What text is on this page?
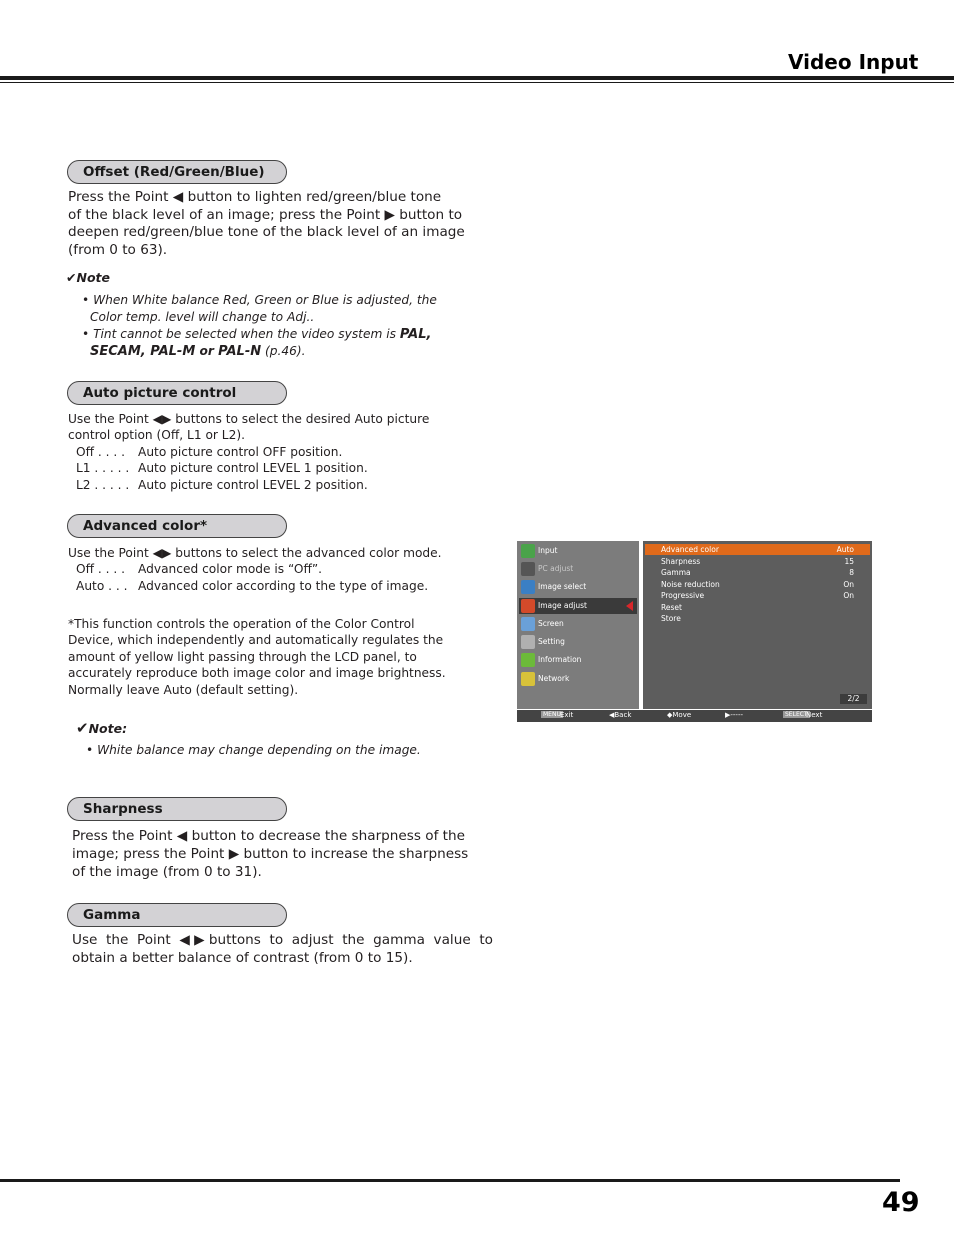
Video Input
Offset (Red/Green/Blue)
Press the Point ◀ button to lighten red/green/blue tone
of the black level of an image; press the Point ▶ button to
deepen red/green/blue tone of the black level of an image
(from 0 to 63).
✔Note
• When White balance Red, Green or Blue is adjusted, the
Color temp. level will change to Adj..
• Tint cannot be selected when the video system is PAL,
SECAM, PAL-M or PAL-N (p.46).
Auto picture control
Use the Point ◀▶ buttons to select the desired Auto picture
control option (Off, L1 or L2).
Off . . . . Auto picture control OFF position.
L1 . . . . . Auto picture control LEVEL 1 position.
L2 . . . . . Auto picture control LEVEL 2 position.
Advanced color*
Use the Point ◀▶ buttons to select the advanced color mode.
Off . . . . Advanced color mode is “Off”.
Auto . . . Advanced color according to the type of image.
*This function controls the operation of the Color Control
Device, which independently and automatically regulates the
amount of yellow light passing through the LCD panel, to
accurately reproduce both image color and image brightness.
Normally leave Auto (default setting).
✔Note:
• White balance may change depending on the image.
Sharpness
Press the Point ◀ button to decrease the sharpness of the
image; press the Point ▶ button to increase the sharpness
of the image (from 0 to 31).
Gamma
Use  the  Point  ◀ ▶ buttons  to  adjust  the  gamma  value  to
obtain a better balance of contrast (from 0 to 15).
Input
PC adjust
Image select
Image adjust
Screen
Setting
Information
Network
Advanced color	Auto
Sharpness	15
Gamma	8
Noise reduction	On
Progressive	On
Reset
Store
2/2
MENU Exit	◀Back	◆Move	▶-----	SELECT
Next
49
